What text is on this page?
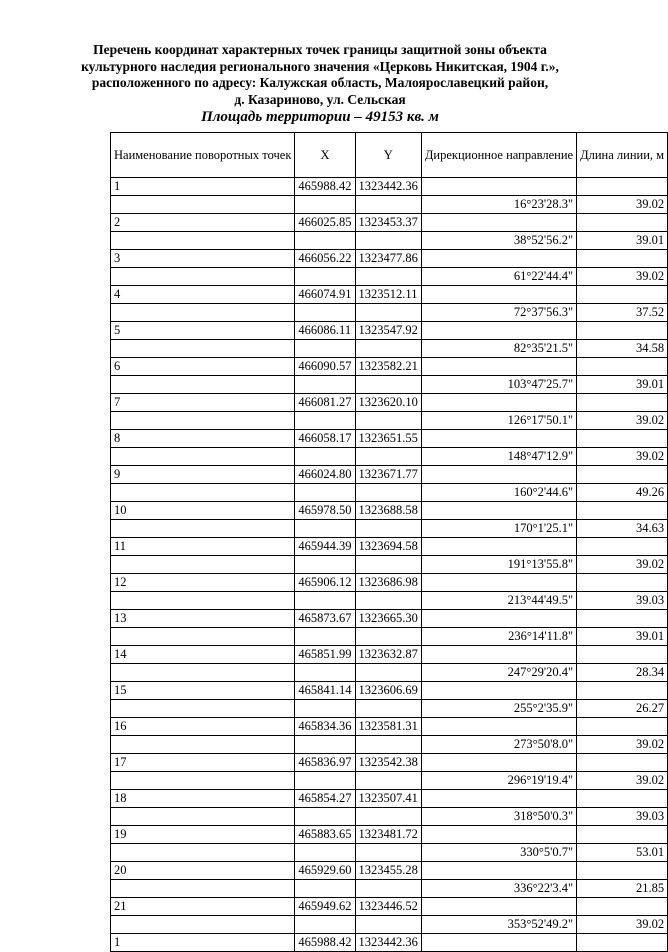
Перечень координат характерных точек границы защитной зоны объекта
культурного наследия регионального значения «Церковь Никитская, 1904 г.»,
расположенного по адресу: Калужская область, Малоярославецкий район,
д. Казариново, ул. Сельская
Площадь территории – 49153 кв. м
Наименование поворотных точек	X	Y	Дирекционное направление	Длина линии, м
1	465988.42	1323442.36		
			16°23'28.3"	39.02
2	466025.85	1323453.37		
			38°52'56.2"	39.01
3	466056.22	1323477.86		
			61°22'44.4"	39.02
4	466074.91	1323512.11		
			72°37'56.3"	37.52
5	466086.11	1323547.92		
			82°35'21.5"	34.58
6	466090.57	1323582.21		
			103°47'25.7"	39.01
7	466081.27	1323620.10		
			126°17'50.1"	39.02
8	466058.17	1323651.55		
			148°47'12.9"	39.02
9	466024.80	1323671.77		
			160°2'44.6"	49.26
10	465978.50	1323688.58		
			170°1'25.1"	34.63
11	465944.39	1323694.58		
			191°13'55.8"	39.02
12	465906.12	1323686.98		
			213°44'49.5"	39.03
13	465873.67	1323665.30		
			236°14'11.8"	39.01
14	465851.99	1323632.87		
			247°29'20.4"	28.34
15	465841.14	1323606.69		
			255°2'35.9"	26.27
16	465834.36	1323581.31		
			273°50'8.0"	39.02
17	465836.97	1323542.38		
			296°19'19.4"	39.02
18	465854.27	1323507.41		
			318°50'0.3"	39.03
19	465883.65	1323481.72		
			330°5'0.7"	53.01
20	465929.60	1323455.28		
			336°22'3.4"	21.85
21	465949.62	1323446.52		
			353°52'49.2"	39.02
1	465988.42	1323442.36		
